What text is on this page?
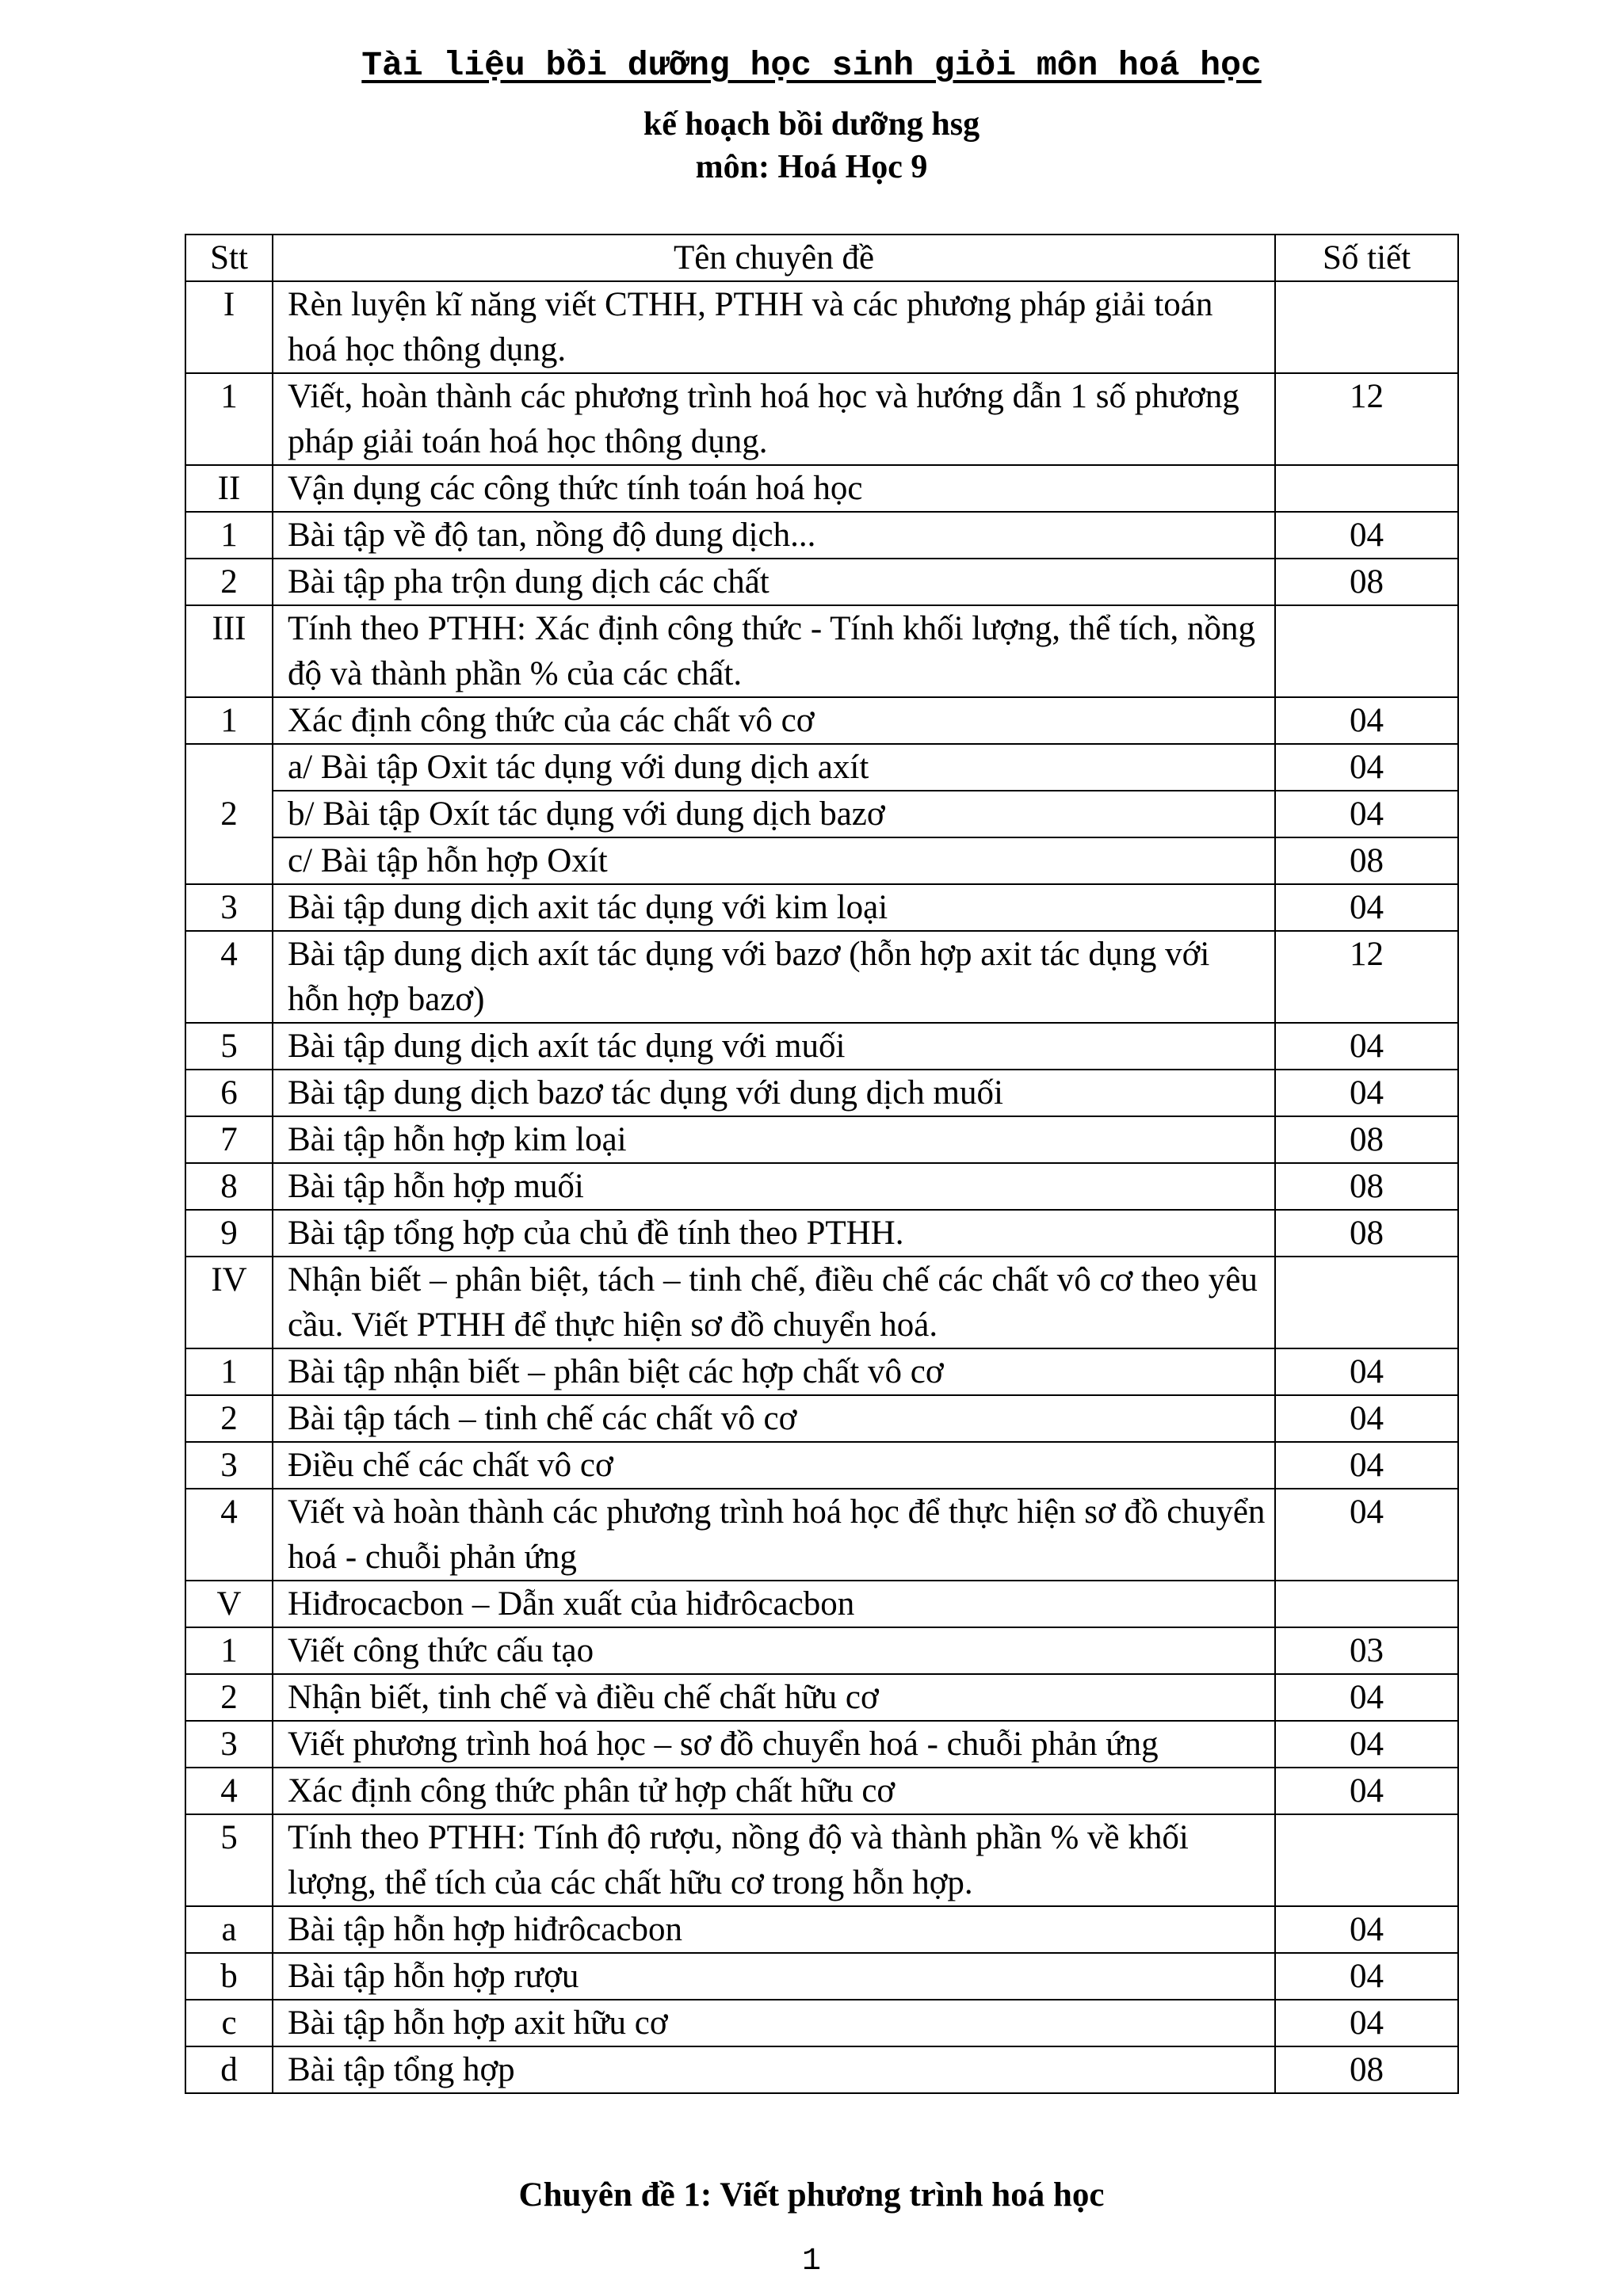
Tài liệu bồi dưỡng học sinh giỏi môn hoá học
kế hoạch bồi dưỡng hsg
môn: Hoá Học 9
Stt	Tên chuyên đề	Số tiết
I	Rèn luyện kĩ năng viết CTHH, PTHH và các phương pháp giải toán hoá học thông dụng.	
1	Viết, hoàn thành các phương trình hoá học và hướng dẫn 1 số phương pháp giải toán hoá học thông dụng.	12
II	Vận dụng các công thức tính toán hoá học	
1	Bài tập về độ tan, nồng độ dung dịch...	04
2	Bài tập pha trộn dung dịch các chất	08
III	Tính theo PTHH: Xác định công thức - Tính khối lượng, thể tích, nồng độ và thành phần % của các chất.	
1	Xác định công thức của các chất vô cơ	04
2	a/ Bài tập Oxit tác dụng với dung dịch axít	04
	b/ Bài tập Oxít tác dụng với dung dịch bazơ	04
	c/ Bài tập hỗn hợp Oxít	08
3	Bài tập dung dịch axit tác dụng với kim loại	04
4	Bài tập dung dịch axít tác dụng với bazơ (hỗn hợp axit tác dụng với hỗn hợp bazơ)	12
5	Bài tập dung dịch axít tác dụng với muối	04
6	Bài tập dung dịch bazơ tác dụng với dung dịch muối	04
7	Bài tập hỗn hợp kim loại	08
8	Bài tập hỗn hợp muối	08
9	Bài tập tổng hợp của chủ đề tính theo PTHH.	08
IV	Nhận biết – phân biệt, tách – tinh chế, điều chế các chất vô cơ theo yêu cầu. Viết PTHH để thực hiện sơ đồ chuyển hoá.	
1	Bài tập nhận biết – phân biệt các hợp chất vô cơ	04
2	Bài tập tách – tinh chế các chất vô cơ	04
3	Điều chế các chất vô cơ	04
4	Viết và hoàn thành các phương trình hoá học để thực hiện sơ đồ chuyển hoá - chuỗi phản ứng	04
V	Hiđrocacbon – Dẫn xuất của hiđrôcacbon	
1	Viết công thức cấu tạo	03
2	Nhận biết, tinh chế và điều chế chất hữu cơ	04
3	Viết phương trình hoá học – sơ đồ chuyển hoá - chuỗi phản ứng	04
4	Xác định công thức phân tử hợp chất hữu cơ	04
5	Tính theo PTHH: Tính độ rượu, nồng độ và thành phần % về khối lượng, thể tích của các chất hữu cơ trong hỗn hợp.	
a	Bài tập hỗn hợp hiđrôcacbon	04
b	Bài tập hỗn hợp rượu	04
c	Bài tập hỗn hợp axit hữu cơ	04
d	Bài tập tổng hợp	08
Chuyên đề 1: Viết phương trình hoá học
1
